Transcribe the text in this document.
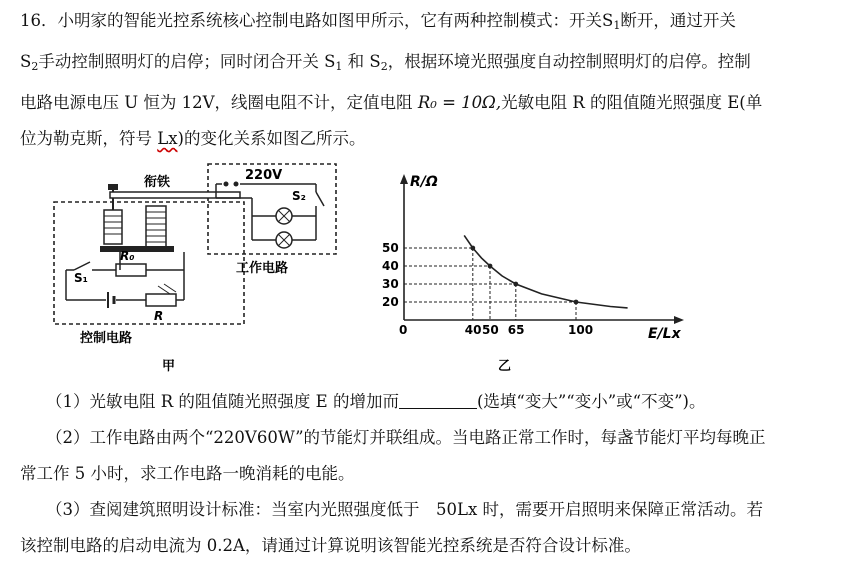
16．小明家的智能光控系统核心控制电路如图甲所示，它有两种控制模式：开关$S_1$断开，通过开关
$S_2$手动控制照明灯的启停；同时闭合开关 $S_1$ 和 $S_2$，根据环境光照强度自动控制照明灯的启停。控制
电路电源电压 U 恒为 12V，线圈电阻不计，定值电阻 R₀ = 10Ω,光敏电阻 R 的阻值随光照强度 E(单
位为勒克斯，符号 Lx)的变化关系如图乙所示。
衔铁	220V
S₂
工作电路
S₁
R₀
R
控制电路
甲
R/Ω
E/Lx
0
20
30
40
50
40 50 65	100
乙
（1）光敏电阻 R 的阻值随光照强度 E 的增加而	(选填“变大”“变小”或“不变”)。
（2）工作电路由两个“220V60W”的节能灯并联组成。当电路正常工作时，每盏节能灯平均每晚正
常工作 5 小时，求工作电路一晚消耗的电能。
（3）查阅建筑照明设计标准：当室内光照强度低于　50Lx 时，需要开启照明来保障正常活动。若
该控制电路的启动电流为 0.2A，请通过计算说明该智能光控系统是否符合设计标准。
